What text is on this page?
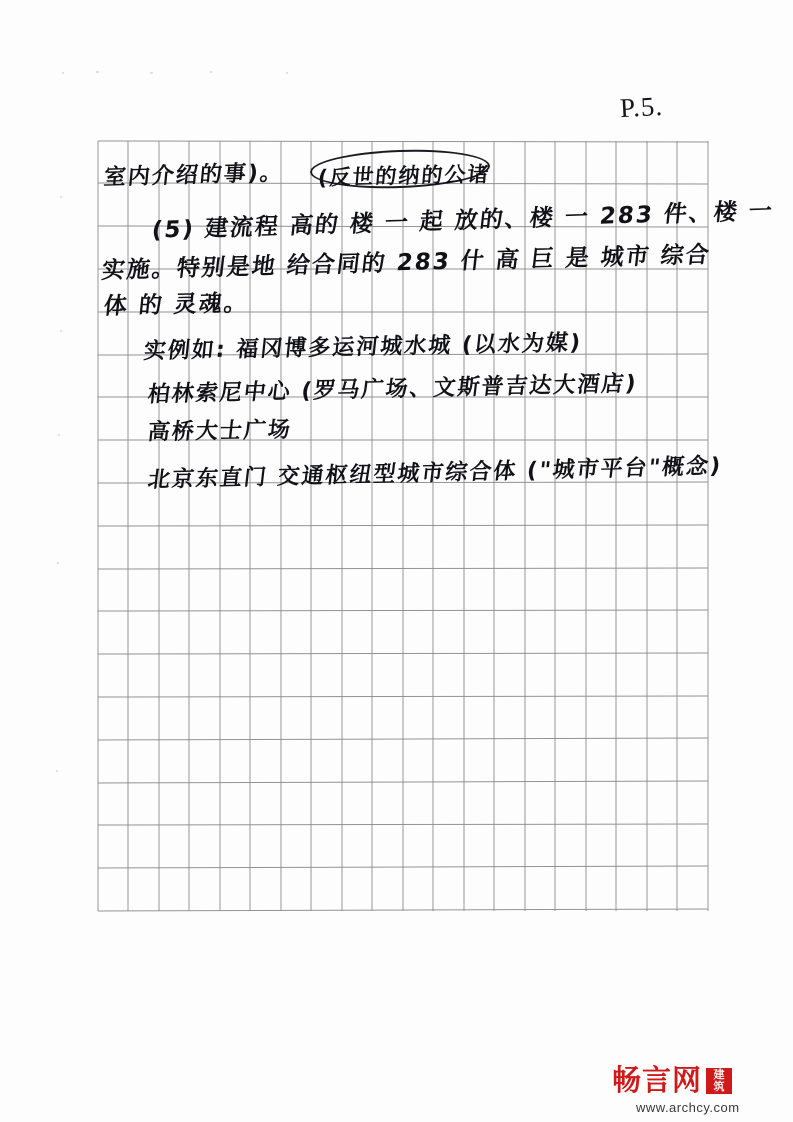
P.5.
室内介绍的事)。 (反世的纳的公诸
(5) 建流程 高的 楼 一 起 放的、楼 一 283 件、楼 一
实施。特别是地 给合同的 283 什 高 巨 是 城市 综合
体 的 灵魂。
实例如: 福冈博多运河城水城 (以水为媒)
柏林索尼中心 (罗马广场、文斯普吉达大酒店)
高桥大士广场
北京东直门 交通枢纽型城市综合体 ("城市平台"概念)
畅言网	建
筑
www.archcy.com
